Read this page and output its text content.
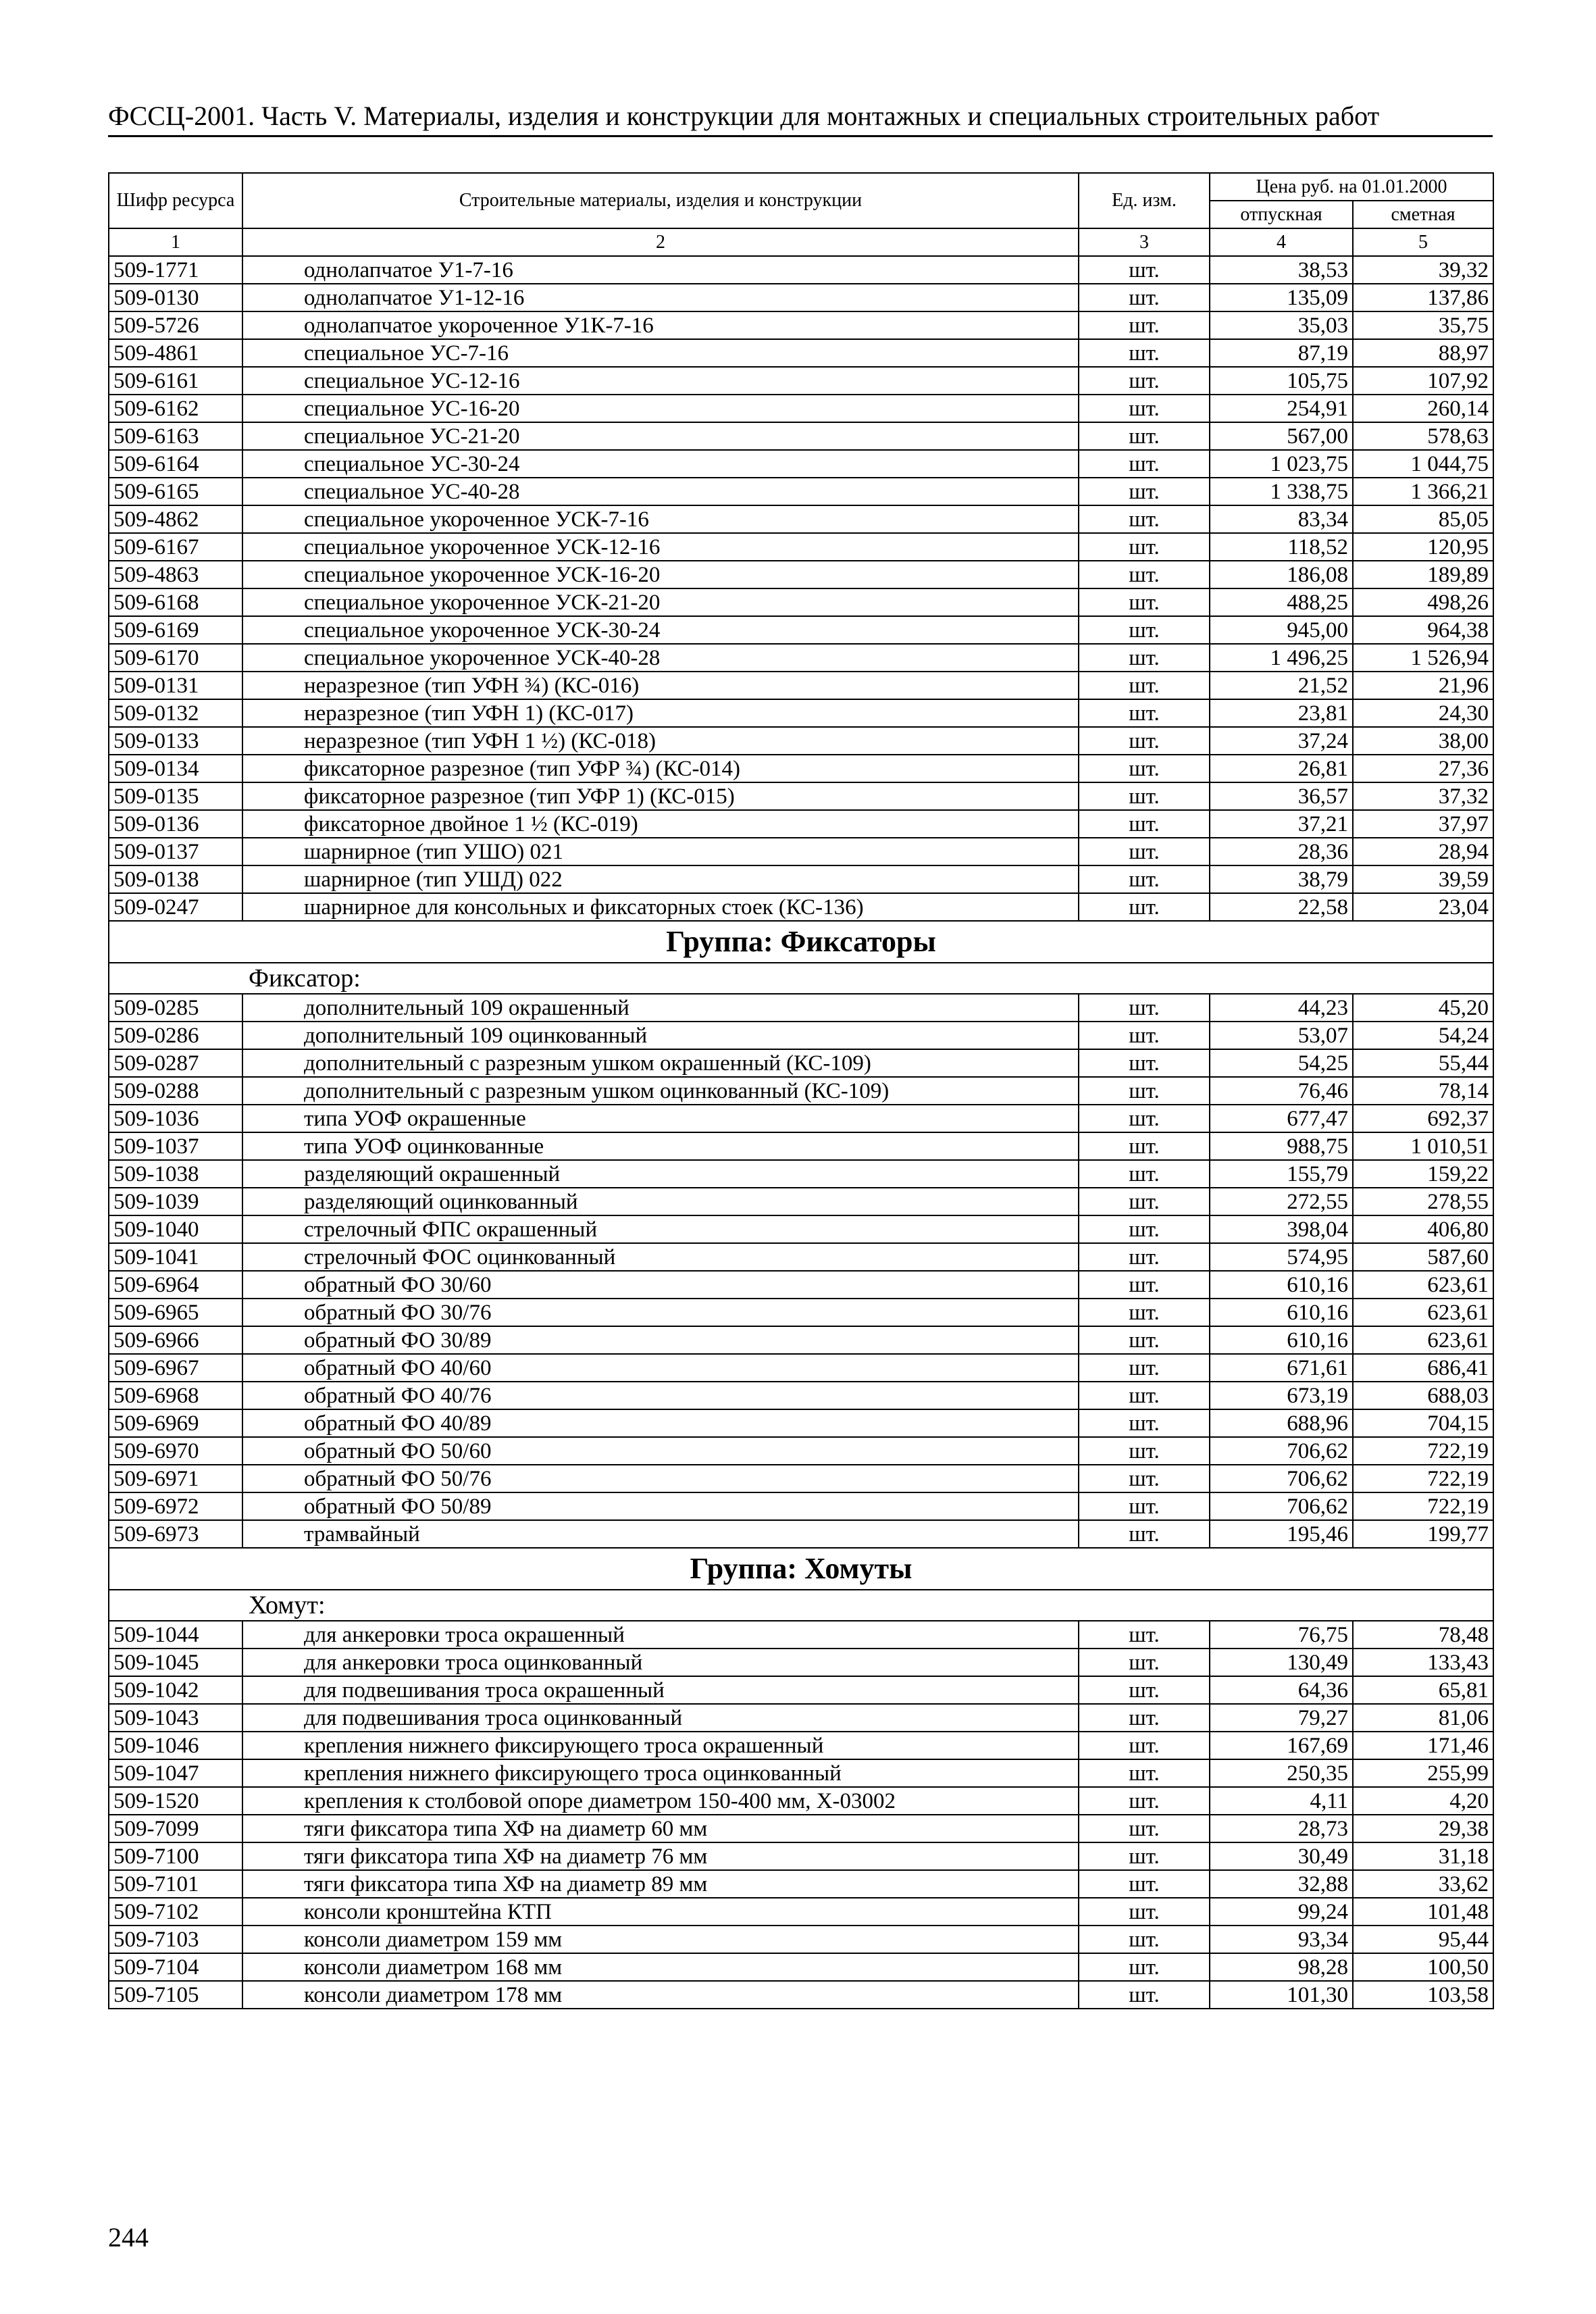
ФССЦ-2001. Часть V. Материалы, изделия и конструкции для монтажных и специальных строительных работ
Шифр ресурса	Строительные материалы, изделия и конструкции	Ед. изм.	Цена руб. на 01.01.2000	
			отпускная	сметная
1	2	3	4	5
509-1771	однолапчатое У1-7-16	шт.	38,53	39,32
509-0130	однолапчатое У1-12-16	шт.	135,09	137,86
509-5726	однолапчатое укороченное У1К-7-16	шт.	35,03	35,75
509-4861	специальное УС-7-16	шт.	87,19	88,97
509-6161	специальное УС-12-16	шт.	105,75	107,92
509-6162	специальное УС-16-20	шт.	254,91	260,14
509-6163	специальное УС-21-20	шт.	567,00	578,63
509-6164	специальное УС-30-24	шт.	1 023,75	1 044,75
509-6165	специальное УС-40-28	шт.	1 338,75	1 366,21
509-4862	специальное укороченное УСК-7-16	шт.	83,34	85,05
509-6167	специальное укороченное УСК-12-16	шт.	118,52	120,95
509-4863	специальное укороченное УСК-16-20	шт.	186,08	189,89
509-6168	специальное укороченное УСК-21-20	шт.	488,25	498,26
509-6169	специальное укороченное УСК-30-24	шт.	945,00	964,38
509-6170	специальное укороченное УСК-40-28	шт.	1 496,25	1 526,94
509-0131	неразрезное (тип УФН ¾) (КС-016)	шт.	21,52	21,96
509-0132	неразрезное (тип УФН 1) (КС-017)	шт.	23,81	24,30
509-0133	неразрезное (тип УФН 1 ½) (КС-018)	шт.	37,24	38,00
509-0134	фиксаторное разрезное (тип УФР ¾) (КС-014)	шт.	26,81	27,36
509-0135	фиксаторное разрезное (тип УФР 1) (КС-015)	шт.	36,57	37,32
509-0136	фиксаторное двойное 1 ½ (КС-019)	шт.	37,21	37,97
509-0137	шарнирное (тип УШО) 021	шт.	28,36	28,94
509-0138	шарнирное (тип УШД) 022	шт.	38,79	39,59
509-0247	шарнирное для консольных и фиксаторных стоек (КС-136)	шт.	22,58	23,04
Группа: Фиксаторы				
Фиксатор:				
509-0285	дополнительный 109 окрашенный	шт.	44,23	45,20
509-0286	дополнительный 109 оцинкованный	шт.	53,07	54,24
509-0287	дополнительный с разрезным ушком окрашенный (КС-109)	шт.	54,25	55,44
509-0288	дополнительный с разрезным ушком оцинкованный (КС-109)	шт.	76,46	78,14
509-1036	типа УОФ окрашенные	шт.	677,47	692,37
509-1037	типа УОФ оцинкованные	шт.	988,75	1 010,51
509-1038	разделяющий окрашенный	шт.	155,79	159,22
509-1039	разделяющий оцинкованный	шт.	272,55	278,55
509-1040	стрелочный ФПС окрашенный	шт.	398,04	406,80
509-1041	стрелочный ФОС оцинкованный	шт.	574,95	587,60
509-6964	обратный ФО 30/60	шт.	610,16	623,61
509-6965	обратный ФО 30/76	шт.	610,16	623,61
509-6966	обратный ФО 30/89	шт.	610,16	623,61
509-6967	обратный ФО 40/60	шт.	671,61	686,41
509-6968	обратный ФО 40/76	шт.	673,19	688,03
509-6969	обратный ФО 40/89	шт.	688,96	704,15
509-6970	обратный ФО 50/60	шт.	706,62	722,19
509-6971	обратный ФО 50/76	шт.	706,62	722,19
509-6972	обратный ФО 50/89	шт.	706,62	722,19
509-6973	трамвайный	шт.	195,46	199,77
Группа: Хомуты				
Хомут:				
509-1044	для анкеровки троса окрашенный	шт.	76,75	78,48
509-1045	для анкеровки троса оцинкованный	шт.	130,49	133,43
509-1042	для подвешивания троса окрашенный	шт.	64,36	65,81
509-1043	для подвешивания троса оцинкованный	шт.	79,27	81,06
509-1046	крепления нижнего фиксирующего троса окрашенный	шт.	167,69	171,46
509-1047	крепления нижнего фиксирующего троса оцинкованный	шт.	250,35	255,99
509-1520	крепления к столбовой опоре диаметром 150-400 мм, Х-03002	шт.	4,11	4,20
509-7099	тяги фиксатора типа ХФ на диаметр 60 мм	шт.	28,73	29,38
509-7100	тяги фиксатора типа ХФ на диаметр 76 мм	шт.	30,49	31,18
509-7101	тяги фиксатора типа ХФ на диаметр 89 мм	шт.	32,88	33,62
509-7102	консоли кронштейна КТП	шт.	99,24	101,48
509-7103	консоли диаметром 159 мм	шт.	93,34	95,44
509-7104	консоли диаметром 168 мм	шт.	98,28	100,50
509-7105	консоли диаметром 178 мм	шт.	101,30	103,58
244
